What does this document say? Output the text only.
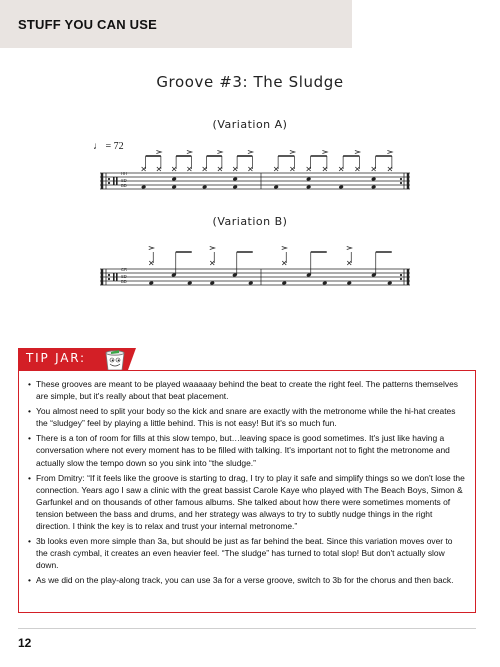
STUFF YOU CAN USE
Groove #3: The Sludge
(Variation A)
♩ = 72
HH
SD
BD
(Variation B)
CR
SD
BD
TIP JAR:
• These grooves are meant to be played waaaaay behind the beat to create the right feel. The patterns themselves are simple, but it's really about that beat placement.
• You almost need to split your body so the kick and snare are exactly with the metronome while the hi-hat creates the “sludgey” feel by playing a little behind. This is not easy! But it's so much fun.
• There is a ton of room for fills at this slow tempo, but…leaving space is good sometimes. It's just like having a conversation where not every moment has to be filled with talking. It's important not to fight the metronome and actually slow the tempo down so you sink into “the sludge.”
• From Dmitry: “If it feels like the groove is starting to drag, I try to play it safe and simplify things so we don't lose the connection. Years ago I saw a clinic with the great bassist Carole Kaye who played with The Beach Boys, Simon & Garfunkel and on thousands of other famous albums. She talked about how there were sometimes moments of tension between the bass and drums, and her strategy was always to try to subtly nudge things in the right direction. I think the key is to relax and trust your internal metronome.”
• 3b looks even more simple than 3a, but should be just as far behind the beat. Since this variation moves over to the crash cymbal, it creates an even heavier feel. “The sludge” has turned to total slop! But don't actually slow down.
• As we did on the play-along track, you can use 3a for a verse groove, switch to 3b for the chorus and then back.
12
